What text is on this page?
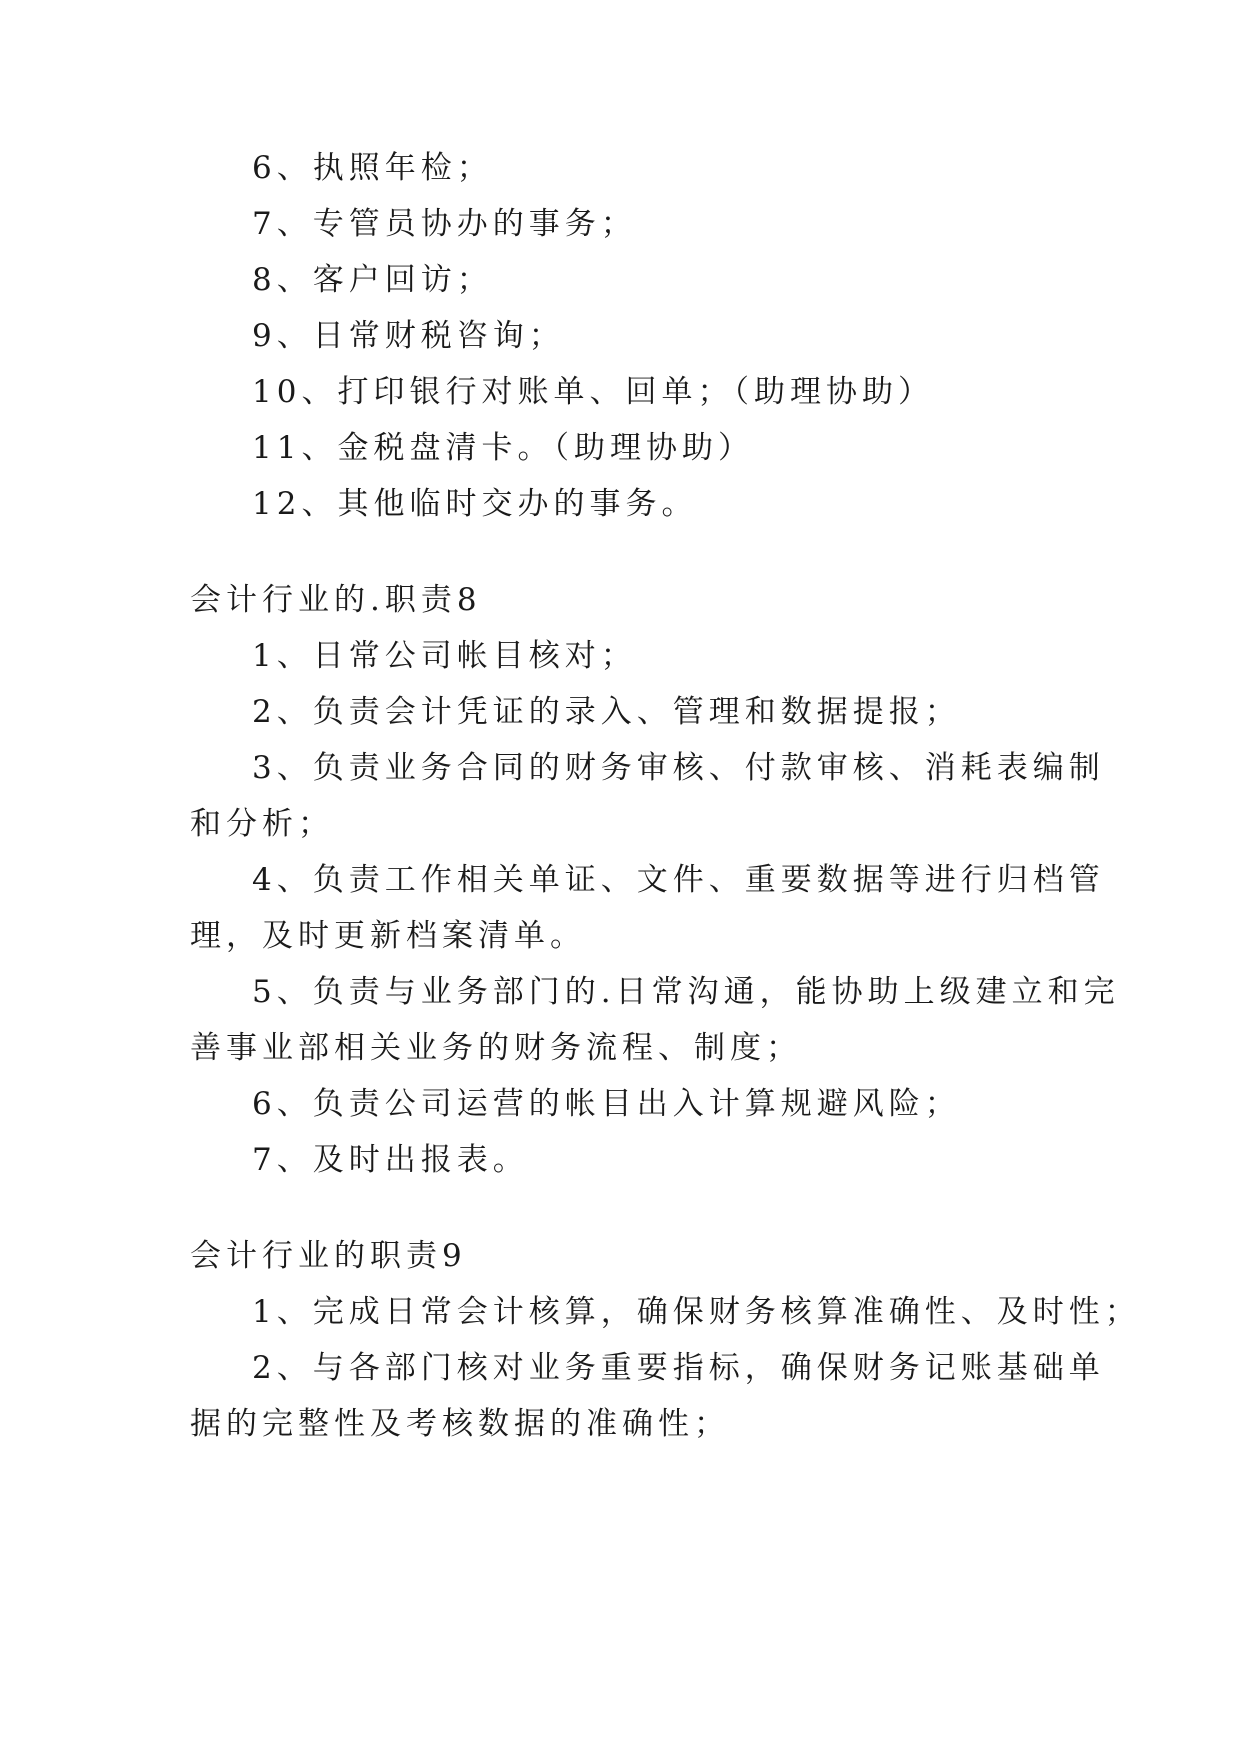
6、执照年检；
7、专管员协办的事务；
8、客户回访；
9、日常财税咨询；
10、打印银行对账单、回单；（助理协助）
11、金税盘清卡。（助理协助）
12、其他临时交办的事务。
会计行业的.职责8
1、日常公司帐目核对；
2、负责会计凭证的录入、管理和数据提报；
3、负责业务合同的财务审核、付款审核、消耗表编制
和分析；
4、负责工作相关单证、文件、重要数据等进行归档管
理，及时更新档案清单。
5、负责与业务部门的.日常沟通，能协助上级建立和完
善事业部相关业务的财务流程、制度；
6、负责公司运营的帐目出入计算规避风险；
7、及时出报表。
会计行业的职责9
1、完成日常会计核算，确保财务核算准确性、及时性；
2、与各部门核对业务重要指标，确保财务记账基础单
据的完整性及考核数据的准确性；
